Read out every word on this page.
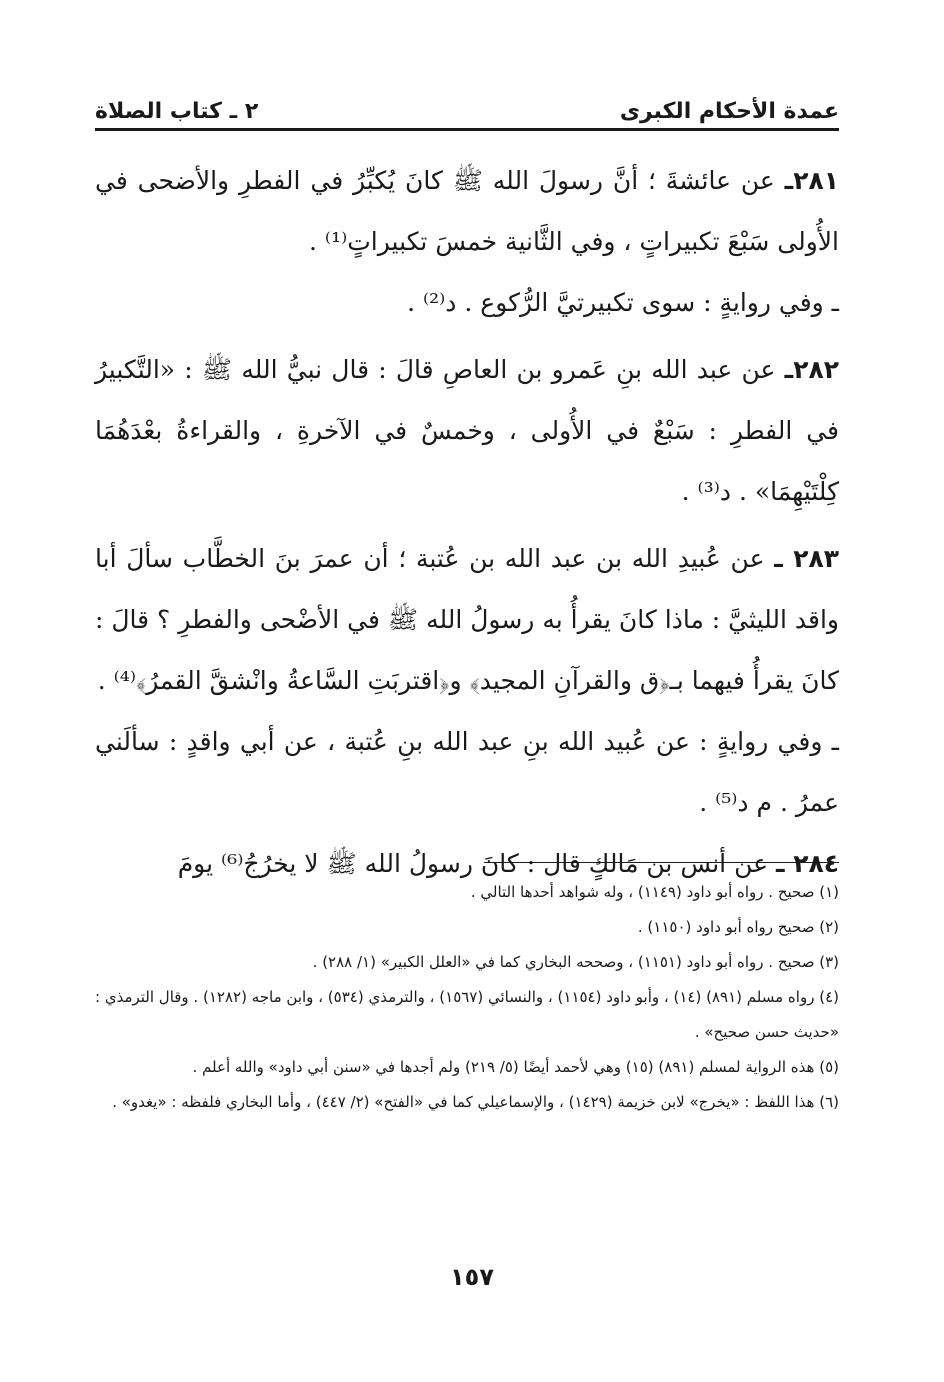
عمدة الأحكام الكبرى
٢ ـ كتاب الصلاة

٢٨١ـ عن عائشةَ ؛ أنَّ رسولَ الله ﷺ كانَ يُكبِّرُ في الفطرِ والأضحى في الأُولى سَبْعَ تكبيراتٍ ، وفي الثَّانية خمسَ تكبيراتٍ⁽¹⁾ .

ـ وفي روايةٍ : سوى تكبيرتيَّ الرُّكوع . د⁽²⁾ .

٢٨٢ـ عن عبد الله بنِ عَمرو بن العاصِ قالَ : قال نبيُّ الله ﷺ : «التَّكبيرُ في الفطرِ : سَبْعٌ في الأُولى ، وخمسٌ في الآخرةِ ، والقراءةُ بعْدَهُمَا كِلْتَيْهِمَا» . د⁽³⁾ .

٢٨٣ ـ عن عُبيدِ الله بن عبد الله بن عُتبة ؛ أن عمرَ بنَ الخطَّاب سألَ أبا واقد الليثيَّ : ماذا كانَ يقرأُ به رسولُ الله ﷺ في الأضْحى والفطرِ ؟ قالَ : كانَ يقرأُ فيهما بـ﴿ق والقرآنِ المجيد﴾ و﴿اقتربَتِ السَّاعةُ وانْشقَّ القمرُ﴾⁽⁴⁾ .

ـ وفي روايةٍ : عن عُبيد الله بنِ عبد الله بنِ عُتبة ، عن أبي واقدٍ : سألَني عمرُ . م د⁽⁵⁾ .

٢٨٤ ـ عن أنس بن مَالكٍ قال : كانَ رسولُ الله ﷺ لا يخرُجُ⁽⁶⁾ يومَ

(١) صحيح . رواه أبو داود (١١٤٩) ، وله شواهد أحدها التالي .

(٢) صحيح رواه أبو داود (١١٥٠) .

(٣) صحيح . رواه أبو داود (١١٥١) ، وصححه البخاري كما في «العلل الكبير» (١/ ٢٨٨) .

(٤) رواه مسلم (٨٩١) (١٤) ، وأبو داود (١١٥٤) ، والنسائي (١٥٦٧) ، والترمذي (٥٣٤) ، وابن ماجه (١٢٨٢) . وقال الترمذي : «حديث حسن صحيح» .

(٥) هذه الرواية لمسلم (٨٩١) (١٥) وهي لأحمد أيضًا (٥/ ٢١٩) ولم أجدها في «سنن أبي داود» والله أعلم .

(٦) هذا اللفظ : «يخرج» لابن خزيمة (١٤٢٩) ، والإسماعيلي كما في «الفتح» (٢/ ٤٤٧) ، وأما البخاري فلفظه : «يغدو» .

١٥٧
